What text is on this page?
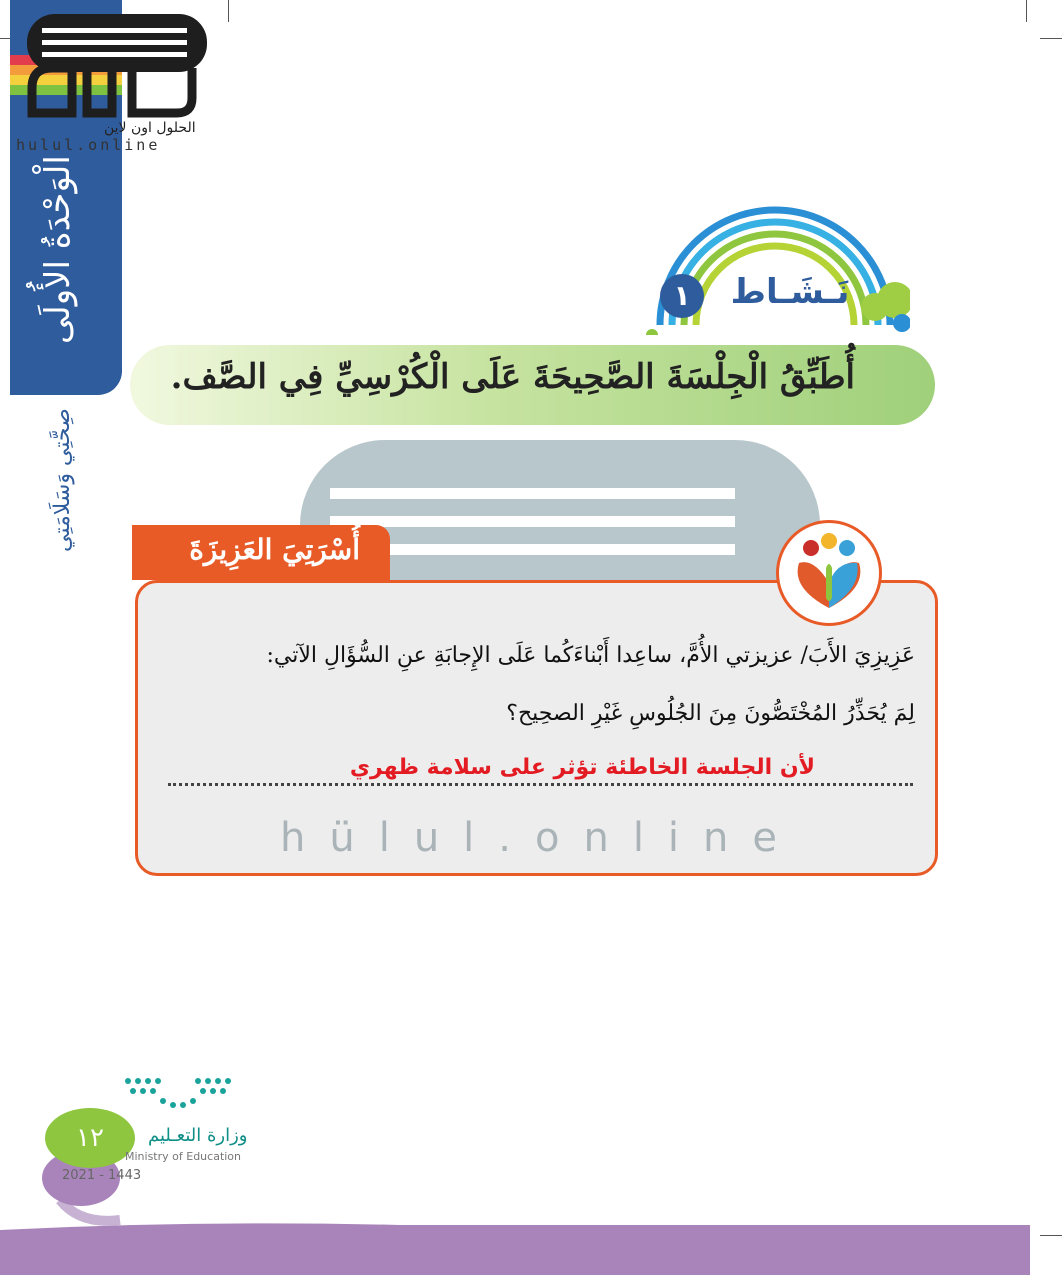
الْوَحْدَةُ الأُولَى
صِحَّتِي وَسَلَامَتِي
الحلول اون لاين
hulul.online
١	نَـشَـاط
أُطَبِّقُ الْجِلْسَةَ الصَّحِيحَةَ عَلَى الْكُرْسِيِّ فِي الصَّف.
عَزِيزِيَ الأَبَ/ عزيزتي الأُمَّ، ساعِدا أَبْناءَكُما عَلَى الإِجابَةِ عنِ السُّؤَالِ الآتي:
لِمَ يُحَذِّرُ المُخْتَصُّونَ مِنَ الجُلُوسِ غَيْرِ الصحِيح؟
لأن الجلسة الخاطئة تؤثر على سلامة ظهري
أُسْرَتِيَ العَزِيزَةَ
hülul.online
١٢	وزارة التعـليم
Ministry of Education
2021 - 1443
